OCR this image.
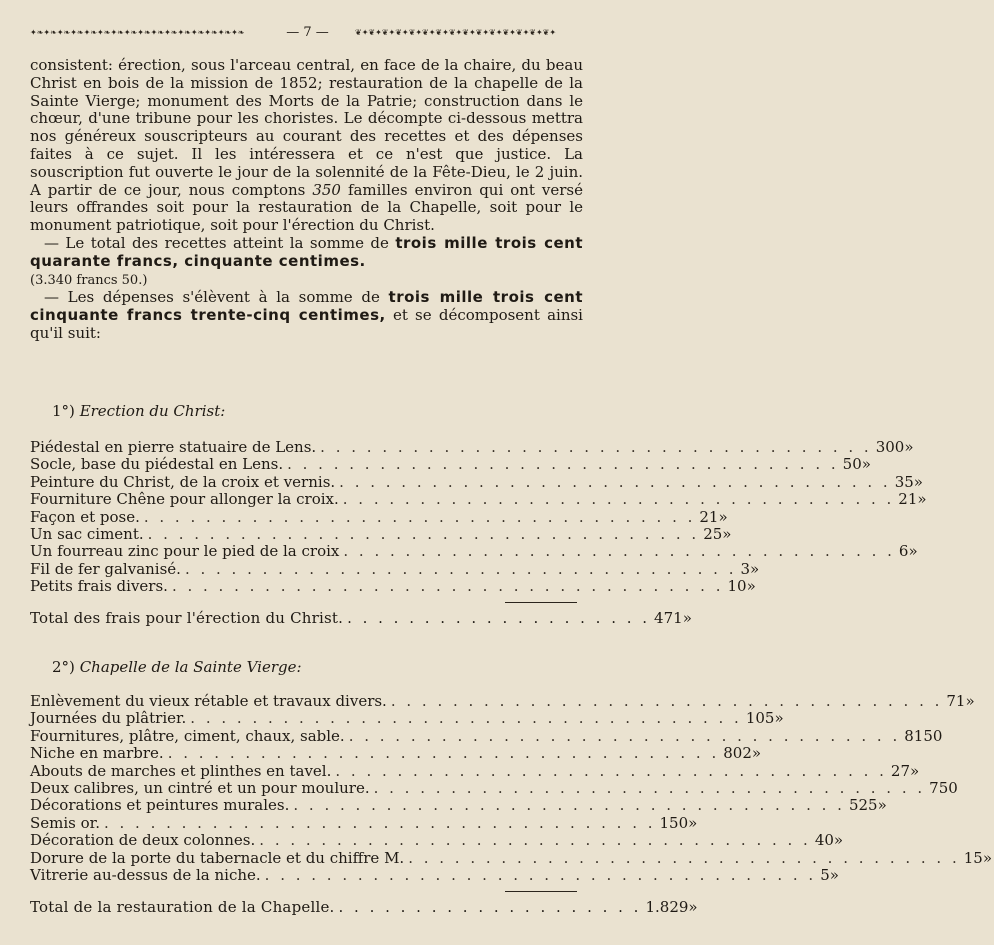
✦❧✦❧✦❧✦❧✦❧✦❧✦❧✦❧✦❧✦❧✦❧✦❧✦❧✦❧✦❧✦❧	— 7 —	❦✦❦✦❦✦❦✦❦✦❦✦❦✦❦✦❦✦❦✦❦✦❦✦❦✦❦✦❦✦

consistent: érection, sous l'arceau central, en face de la chaire, du beau Christ en bois de la mission de 1852; restauration de la chapelle de la Sainte Vierge; monument des Morts de la Patrie; construction dans le chœur, d'une tribune pour les choristes. Le décompte ci-dessous mettra nos généreux souscripteurs au courant des recettes et des dépenses faites à ce sujet. Il les intéressera et ce n'est que justice. La souscription fut ouverte le jour de la solennité de la Fête-Dieu, le 2 juin. A partir de ce jour, nous comptons 350 familles environ qui ont versé leurs offrandes soit pour la restauration de la Chapelle, soit pour le monument patriotique, soit pour l'érection du Christ.

— Le total des recettes atteint la somme de trois mille trois cent quarante francs, cinquante centimes.
(3.340 francs 50.)

— Les dépenses s'élèvent à la somme de trois mille trois cent cinquante francs trente-cinq centimes, et se décomposent ainsi qu'il suit:

1°) Erection du Christ:
Piédestal en pierre statuaire de Lens. . . . . . . . . . . . . . . . . . . . . . . . . . . . . . . . . . . . . 300 »
Socle, base du piédestal en Lens. . . . . . . . . . . . . . . . . . . . . . . . . . . . . . . . . . . . . 50 »
Peinture du Christ, de la croix et vernis. . . . . . . . . . . . . . . . . . . . . . . . . . . . . . . . . . . . . 35 »
Fourniture Chêne pour allonger la croix. . . . . . . . . . . . . . . . . . . . . . . . . . . . . . . . . . . . . 21 »
Façon et pose. . . . . . . . . . . . . . . . . . . . . . . . . . . . . . . . . . . . . 21 »
Un sac ciment. . . . . . . . . . . . . . . . . . . . . . . . . . . . . . . . . . . . . 25 »
Un fourreau zinc pour le pied de la croix . . . . . . . . . . . . . . . . . . . . . . . . . . . . . . . . . . . . 6 »
Fil de fer galvanisé. . . . . . . . . . . . . . . . . . . . . . . . . . . . . . . . . . . . . 3 »
Petits frais divers. . . . . . . . . . . . . . . . . . . . . . . . . . . . . . . . . . . . . 10 »
Total des frais pour l'érection du Christ. . . . . . . . . . . . . . . . . . . . . 471 »
2°) Chapelle de la Sainte Vierge:
Enlèvement du vieux rétable et travaux divers. . . . . . . . . . . . . . . . . . . . . . . . . . . . . . . . . . . . . 71 »
Journées du plâtrier. . . . . . . . . . . . . . . . . . . . . . . . . . . . . . . . . . . . . 105 »
Fournitures, plâtre, ciment, chaux, sable. . . . . . . . . . . . . . . . . . . . . . . . . . . . . . . . . . . . . 81 50
Niche en marbre. . . . . . . . . . . . . . . . . . . . . . . . . . . . . . . . . . . . . 802 »
Abouts de marches et plinthes en tavel. . . . . . . . . . . . . . . . . . . . . . . . . . . . . . . . . . . . . 27 »
Deux calibres, un cintré et un pour moulure. . . . . . . . . . . . . . . . . . . . . . . . . . . . . . . . . . . . . 7 50
Décorations et peintures murales. . . . . . . . . . . . . . . . . . . . . . . . . . . . . . . . . . . . . 525 »
Semis or. . . . . . . . . . . . . . . . . . . . . . . . . . . . . . . . . . . . . 150 »
Décoration de deux colonnes. . . . . . . . . . . . . . . . . . . . . . . . . . . . . . . . . . . . . 40 »
Dorure de la porte du tabernacle et du chiffre M. . . . . . . . . . . . . . . . . . . . . . . . . . . . . . . . . . . . . 15 »
Vitrerie au-dessus de la niche. . . . . . . . . . . . . . . . . . . . . . . . . . . . . . . . . . . . . 5 »
Total de la restauration de la Chapelle. . . . . . . . . . . . . . . . . . . . . 1.829 »
